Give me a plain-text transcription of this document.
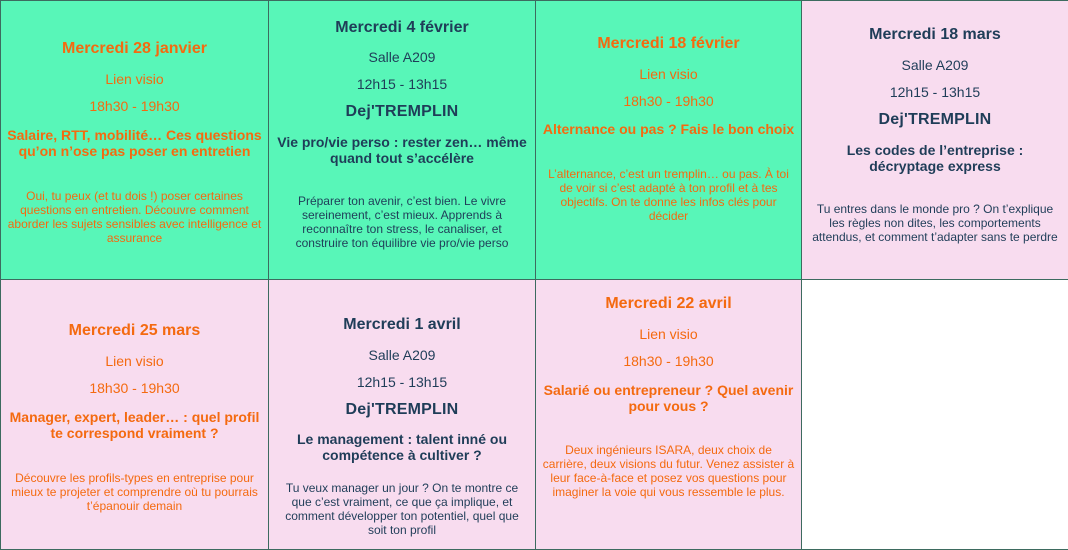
Mercredi 28 janvier

Lien visio

18h30 - 19h30

Salaire, RTT, mobilité… Ces questions qu’on n’ose pas poser en entretien

Oui, tu peux (et tu dois !) poser certaines questions en entretien. Découvre comment aborder les sujets sensibles avec intelligence et assurance

Mercredi 4 février

Salle A209

12h15 - 13h15

Dej'TREMPLIN

Vie pro/vie perso : rester zen… même quand tout s’accélère

Préparer ton avenir, c’est bien. Le vivre sereinement, c’est mieux. Apprends à reconnaître ton stress, le canaliser, et construire ton équilibre vie pro/vie perso

Mercredi 18 février

Lien visio

18h30 - 19h30

Alternance ou pas ? Fais le bon choix

L’alternance, c’est un tremplin… ou pas. À toi de voir si c’est adapté à ton profil et à tes objectifs. On te donne les infos clés pour décider

Mercredi 18 mars

Salle A209

12h15 - 13h15

Dej'TREMPLIN

Les codes de l’entreprise : décryptage express

Tu entres dans le monde pro ? On t’explique les règles non dites, les comportements attendus, et comment t’adapter sans te perdre

Mercredi 25 mars

Lien visio

18h30 - 19h30

Manager, expert, leader… : quel profil te correspond vraiment ?

Découvre les profils-types en entreprise pour mieux te projeter et comprendre où tu pourrais t’épanouir demain

Mercredi 1 avril

Salle A209

12h15 - 13h15

Dej'TREMPLIN

Le management : talent inné ou compétence à cultiver ?

Tu veux manager un jour ? On te montre ce que c’est vraiment, ce que ça implique, et comment développer ton potentiel, quel que soit ton profil

Mercredi 22 avril

Lien visio

18h30 - 19h30

Salarié ou entrepreneur ? Quel avenir pour vous ?

Deux ingénieurs ISARA, deux choix de carrière, deux visions du futur. Venez assister à leur face-à-face et posez vos questions pour imaginer la voie qui vous ressemble le plus.
